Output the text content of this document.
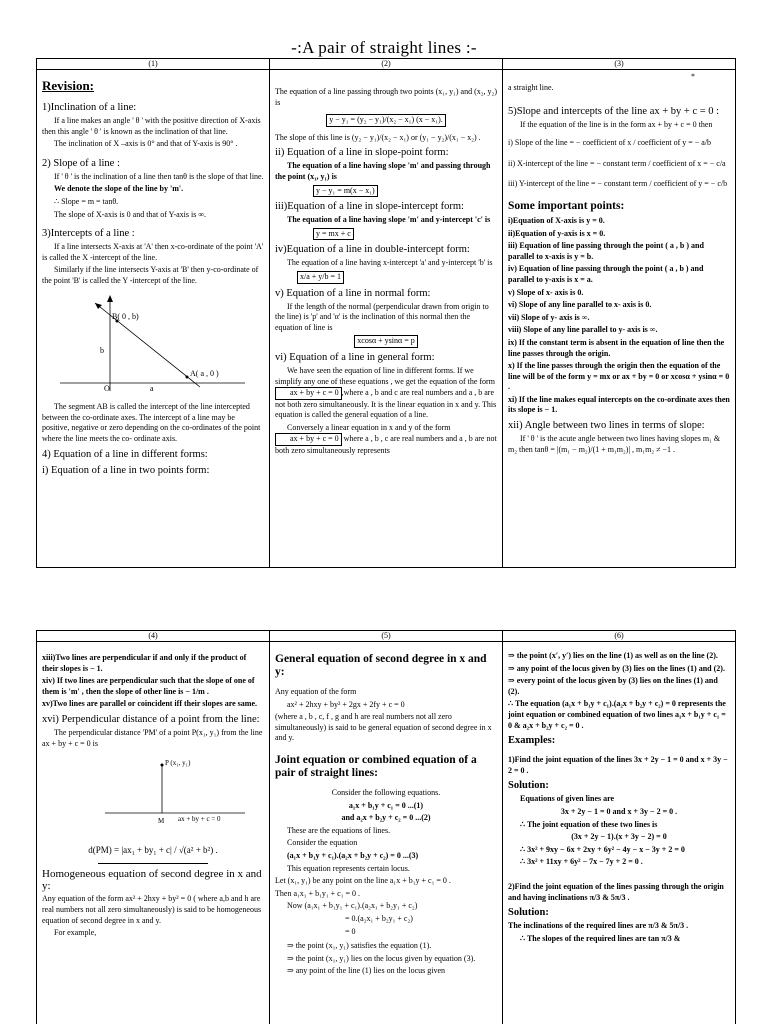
-:A pair of straight lines :-
(1)	(2)	(3)
Revision:
1)Inclination of a line:

If a line makes an angle ' θ ' with the positive direction of X-axis then this angle ' θ ' is known as the inclination of that line.

The inclination of X –axis is 0° and that of Y-axis is 90° .

2) Slope of a line :

If ' θ ' is the inclination of a line then tanθ is the slope of that line.

We denote the slope of the line by 'm'.

∴ Slope = m = tanθ.

The slope of X-axis is 0 and that of Y-axis is ∞.

3)Intercepts of a line :

If a line intersects X-axis at 'A' then x-co-ordinate of the point 'A' is called the X -intercept of the line.

Similarly if the line intersects Y-axis at 'B' then y-co-ordinate of the point 'B' is called the Y -intercept of the line.

B( 0 , b)
A( a , 0 )
O	a
b

The segment AB is called the intercept of the line intercepted between the co-ordinate axes. The intercept of a line may be positive, negative or zero depending on the co-ordinates of the point where the line meets the co- ordinate axis.

4) Equation of a line in different forms:
i) Equation of a line in two points form:

The equation of a line passing through two points (x₁, y₁) and (x₂, y₂) is

y − y₁ = (y₂ − y₁)/(x₂ − x₁) (x − x₁).

The slope of this line is (y₂ − y₁)/(x₂ − x₁) or (y₁ − y₂)/(x₁ − x₂) .

ii) Equation of a line in slope-point form:

The equation of a line having slope 'm' and passing through the point (x₁, y₁) is

y − y₁ = m(x − x₁)

iii)Equation of a line in slope-intercept form:

The equation of a line having slope 'm' and y-intercept 'c' is

y = mx + c

iv)Equation of a line in double-intercept form:

The equation of a line having x-intercept 'a' and y-intercept 'b' is

x/a + y/b = 1

v) Equation of a line in normal form:

If the length of the normal (perpendicular drawn from origin to the line) is 'p' and 'α' is the inclination of this normal then the equation of line is

xcosα + ysinα = p

vi) Equation of a line in general form:

We have seen the equation of line in different forms. If we simplify any one of these equations , we get the equation of the form ax + by + c = 0 ,where a , b and c are real numbers and a , b are not both zero simultaneously. It is the linear equation in x and y. This equation is called the general equation of a line.

Conversely a linear equation in x and y of the form ax + by + c = 0 where a , b , c are real numbers and a , b are not both zero simultaneously represents

*

a straight line.

5)Slope and intercepts of the line ax + by + c = 0 :

If the equation of the line is in the form ax + by + c = 0 then

i) Slope of the line = − coefficient of x / coefficient of y = − a/b

ii) X-intercept of the line = − constant term / coefficient of x = − c/a

iii) Y-intercept of the line = − constant term / coefficient of y = − c/b

Some important points:

i)Equation of X-axis is y = 0.

ii)Equation of y-axis is x = 0.

iii) Equation of line passing through the point ( a , b ) and parallel to x-axis is y = b.

iv) Equation of line passing through the point ( a , b ) and parallel to y-axis is x = a.

v) Slope of x- axis is 0.

vi) Slope of any line parallel to x- axis is 0.

vii) Slope of y- axis is ∞.

viii) Slope of any line parallel to y- axis is ∞.

ix) If the constant term is absent in the equation of line then the line passes through the origin.

x) If the line passes through the origin then the equation of the line will be of the form y = mx or ax + by = 0 or xcosα + ysinα = 0 .

xi) If the line makes equal intercepts on the co-ordinate axes then its slope is − 1.

xii) Angle between two lines in terms of slope:

If ' θ ' is the acute angle between two lines having slopes m₁ & m₂ then tanθ = |(m₁ − m₂)/(1 + m₁m₂)| , m₁m₂ ≠ −1 .

(4)	(5)	(6)

xiii)Two lines are perpendicular if and only if the product of their slopes is − 1.

xiv) If two lines are perpendicular such that the slope of one of them is 'm' , then the slope of other line is − 1/m .

xv)Two lines are parallel or coincident iff their slopes are same.

xvi) Perpendicular distance of a point from the line:

The perpendicular distance 'PM' of a point P(x₁, y₁) from the line ax + by + c = 0 is

P (x₁, y₁)
M ax + by + c = 0

d(PM) = |ax₁ + by₁ + c| / √(a² + b²) .

Homogeneous equation of second degree in x and y:

Any equation of the form ax² + 2hxy + by² = 0 ( where a,b and h are real numbers not all zero simultaneously) is said to be homogeneous equation of second degree in x and y.

For example,

General equation of second degree in x and y:

Any equation of the form

ax² + 2hxy + by² + 2gx + 2fy + c = 0

(where a , b , c, f , g and h are real numbers not all zero simultaneously) is said to be general equation of second degree in x and y.

Joint equation or combined equation of a pair of straight lines:

Consider the following equations.

a₁x + b₁y + c₁ = 0 ...(1)

and a₂x + b₂y + c₂ = 0 ...(2)

These are the equations of lines.

Consider the equation

(a₁x + b₁y + c₁).(a₂x + b₂y + c₂) = 0 ...(3)

This equation represents certain locus.

Let (x₁, y₁) be any point on the line a₁x + b₁y + c₁ = 0 .

Then a₁x₁ + b₁y₁ + c₁ = 0 .

Now (a₁x₁ + b₁y₁ + c₁).(a₂x₁ + b₂y₁ + c₂)

= 0.(a₂x₁ + b₂y₁ + c₂)

= 0

⇒ the point (x₁, y₁) satisfies the equation (1).

⇒ the point (x₁, y₁) lies on the locus given by equation (3).

⇒ any point of the line (1) lies on the locus given

⇒ the point (x′, y′) lies on the line (1) as well as on the line (2).

⇒ any point of the locus given by (3) lies on the lines (1) and (2).

⇒ every point of the locus given by (3) lies on the lines (1) and (2).

∴ The equation (a₁x + b₁y + c₁).(a₂x + b₂y + c₂) = 0 represents the joint equation or combined equation of two lines a₁x + b₁y + c₁ = 0 & a₂x + b₂y + c₂ = 0 .

Examples:

1)Find the joint equation of the lines 3x + 2y − 1 = 0 and x + 3y − 2 = 0 .

Solution:

Equations of given lines are

3x + 2y − 1 = 0 and x + 3y − 2 = 0 .

∴ The joint equation of these two lines is

(3x + 2y − 1).(x + 3y − 2) = 0

∴ 3x² + 9xy − 6x + 2xy + 6y² − 4y − x − 3y + 2 = 0

∴ 3x² + 11xy + 6y² − 7x − 7y + 2 = 0 .

2)Find the joint equation of the lines passing through the origin and having inclinations π/3 & 5π/3 .

Solution:

The inclinations of the required lines are π/3 & 5π/3 .

∴ The slopes of the required lines are tan π/3 &
